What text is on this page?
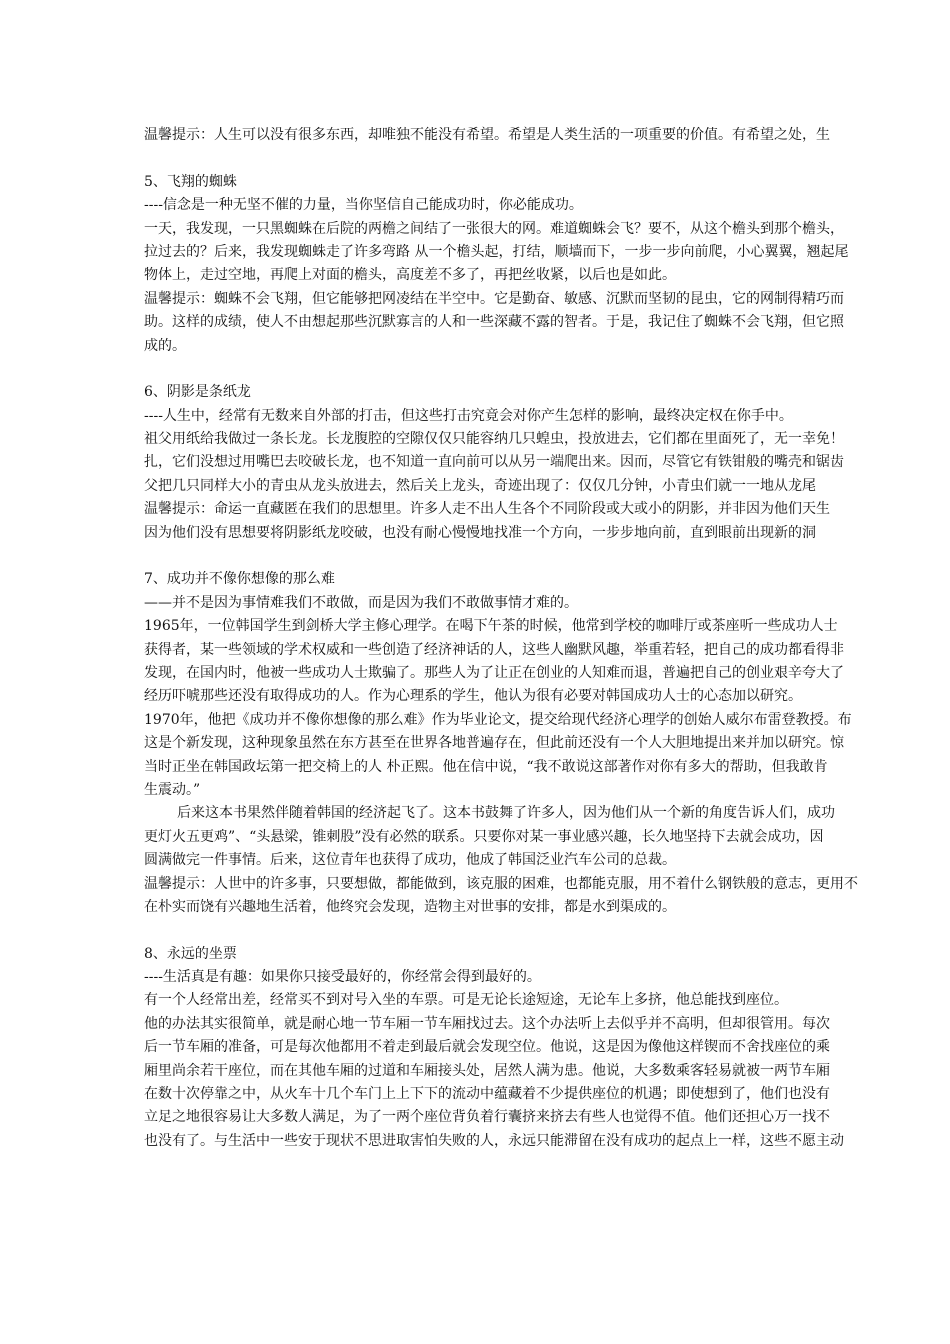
温馨提示：人生可以没有很多东西，却唯独不能没有希望。希望是人类生活的一项重要的价值。有希望之处，生
5、飞翔的蜘蛛
----信念是一种无坚不催的力量，当你坚信自己能成功时，你必能成功。
一天，我发现，一只黑蜘蛛在后院的两檐之间结了一张很大的网。难道蜘蛛会飞？要不，从这个檐头到那个檐头，
拉过去的？后来，我发现蜘蛛走了许多弯路 从一个檐头起，打结，顺墙而下，一步一步向前爬，小心翼翼，翘起尾
物体上，走过空地，再爬上对面的檐头，高度差不多了，再把丝收紧，以后也是如此。
温馨提示：蜘蛛不会飞翔，但它能够把网凌结在半空中。它是勤奋、敏感、沉默而坚韧的昆虫，它的网制得精巧而
助。这样的成绩，使人不由想起那些沉默寡言的人和一些深藏不露的智者。于是，我记住了蜘蛛不会飞翔，但它照
成的。
6、阴影是条纸龙
----人生中，经常有无数来自外部的打击，但这些打击究竟会对你产生怎样的影响，最终决定权在你手中。
祖父用纸给我做过一条长龙。长龙腹腔的空隙仅仅只能容纳几只蝗虫，投放进去，它们都在里面死了，无一幸免！
扎，它们没想过用嘴巴去咬破长龙，也不知道一直向前可以从另一端爬出来。因而，尽管它有铁钳般的嘴壳和锯齿
父把几只同样大小的青虫从龙头放进去，然后关上龙头，奇迹出现了：仅仅几分钟，小青虫们就一一地从龙尾
温馨提示：命运一直藏匿在我们的思想里。许多人走不出人生各个不同阶段或大或小的阴影，并非因为他们天生
因为他们没有思想要将阴影纸龙咬破，也没有耐心慢慢地找准一个方向，一步步地向前，直到眼前出现新的洞
7、成功并不像你想像的那么难
——并不是因为事情难我们不敢做，而是因为我们不敢做事情才难的。
1965年，一位韩国学生到剑桥大学主修心理学。在喝下午茶的时候，他常到学校的咖啡厅或茶座听一些成功人士
获得者，某一些领域的学术权威和一些创造了经济神话的人，这些人幽默风趣，举重若轻，把自己的成功都看得非
发现，在国内时，他被一些成功人士欺骗了。那些人为了让正在创业的人知难而退，普遍把自己的创业艰辛夸大了
经历吓唬那些还没有取得成功的人。作为心理系的学生，他认为很有必要对韩国成功人士的心态加以研究。
1970年，他把《成功并不像你想像的那么难》作为毕业论文，提交给现代经济心理学的创始人威尔布雷登教授。布
这是个新发现，这种现象虽然在东方甚至在世界各地普遍存在，但此前还没有一个人大胆地提出来并加以研究。惊
当时正坐在韩国政坛第一把交椅上的人 朴正熙。他在信中说，“我不敢说这部著作对你有多大的帮助，但我敢肯
生震动。”
后来这本书果然伴随着韩国的经济起飞了。这本书鼓舞了许多人，因为他们从一个新的角度告诉人们，成功
更灯火五更鸡”、“头悬梁，锥刺股”没有必然的联系。只要你对某一事业感兴趣，长久地坚持下去就会成功，因
圆满做完一件事情。后来，这位青年也获得了成功，他成了韩国泛业汽车公司的总裁。
温馨提示：人世中的许多事，只要想做，都能做到，该克服的困难，也都能克服，用不着什么钢铁般的意志，更用不
在朴实而饶有兴趣地生活着，他终究会发现，造物主对世事的安排，都是水到渠成的。
8、永远的坐票
----生活真是有趣：如果你只接受最好的，你经常会得到最好的。
有一个人经常出差，经常买不到对号入坐的车票。可是无论长途短途，无论车上多挤，他总能找到座位。
他的办法其实很简单，就是耐心地一节车厢一节车厢找过去。这个办法听上去似乎并不高明，但却很管用。每次
后一节车厢的准备，可是每次他都用不着走到最后就会发现空位。他说，这是因为像他这样锲而不舍找座位的乘
厢里尚余若干座位，而在其他车厢的过道和车厢接头处，居然人满为患。他说，大多数乘客轻易就被一两节车厢
在数十次停靠之中，从火车十几个车门上上下下的流动中蕴藏着不少提供座位的机遇；即使想到了，他们也没有
立足之地很容易让大多数人满足，为了一两个座位背负着行囊挤来挤去有些人也觉得不值。他们还担心万一找不
也没有了。与生活中一些安于现状不思进取害怕失败的人，永远只能滞留在没有成功的起点上一样，这些不愿主动
